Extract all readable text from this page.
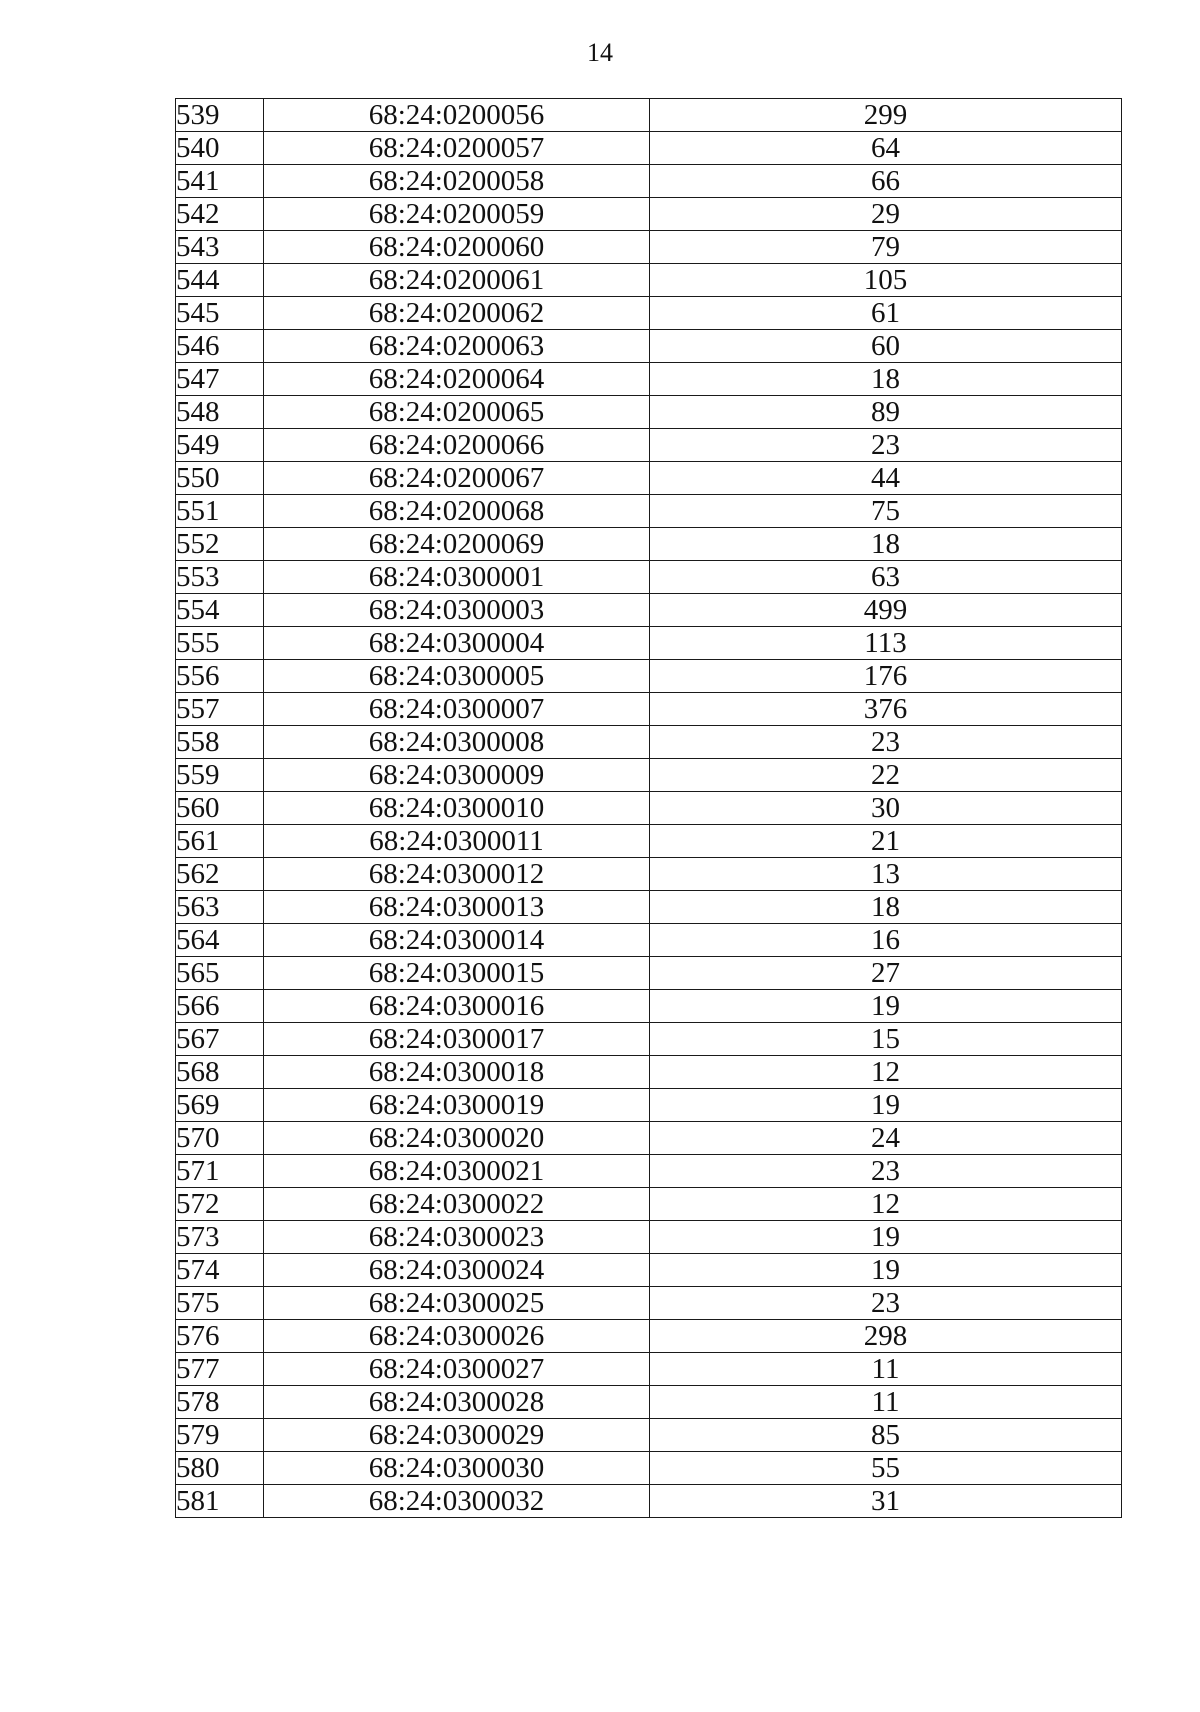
14
539	68:24:0200056	299
540	68:24:0200057	64
541	68:24:0200058	66
542	68:24:0200059	29
543	68:24:0200060	79
544	68:24:0200061	105
545	68:24:0200062	61
546	68:24:0200063	60
547	68:24:0200064	18
548	68:24:0200065	89
549	68:24:0200066	23
550	68:24:0200067	44
551	68:24:0200068	75
552	68:24:0200069	18
553	68:24:0300001	63
554	68:24:0300003	499
555	68:24:0300004	113
556	68:24:0300005	176
557	68:24:0300007	376
558	68:24:0300008	23
559	68:24:0300009	22
560	68:24:0300010	30
561	68:24:0300011	21
562	68:24:0300012	13
563	68:24:0300013	18
564	68:24:0300014	16
565	68:24:0300015	27
566	68:24:0300016	19
567	68:24:0300017	15
568	68:24:0300018	12
569	68:24:0300019	19
570	68:24:0300020	24
571	68:24:0300021	23
572	68:24:0300022	12
573	68:24:0300023	19
574	68:24:0300024	19
575	68:24:0300025	23
576	68:24:0300026	298
577	68:24:0300027	11
578	68:24:0300028	11
579	68:24:0300029	85
580	68:24:0300030	55
581	68:24:0300032	31
